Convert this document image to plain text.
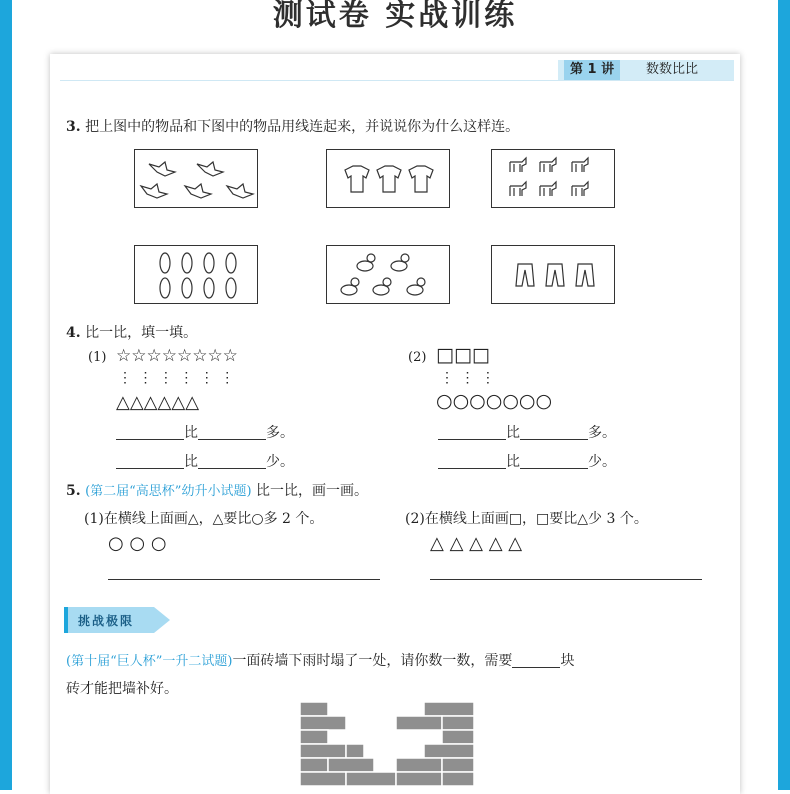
测试卷 实战训练
第 1 讲	数数比比
3. 把上图中的物品和下图中的物品用线连起来，并说说你为什么这样连。
4. 比一比，填一填。
(1) ☆☆☆☆☆☆☆☆
⋮ ⋮ ⋮ ⋮ ⋮ ⋮
△△△△△△
比	多。
比	少。
(2) □□□
⋮ ⋮ ⋮
○○○○○○○
比	多。
比	少。
5. (第二届“高思杯”幼升小试题) 比一比，画一画。
(1)在横线上面画△，△要比○多 2 个。
○ ○ ○
(2)在横线上面画□，□要比△少 3 个。
△ △ △ △ △
挑战极限
(第十届“巨人杯”一升二试题)一面砖墙下雨时塌了一处，请你数一数，需要	块
砖才能把墙补好。
